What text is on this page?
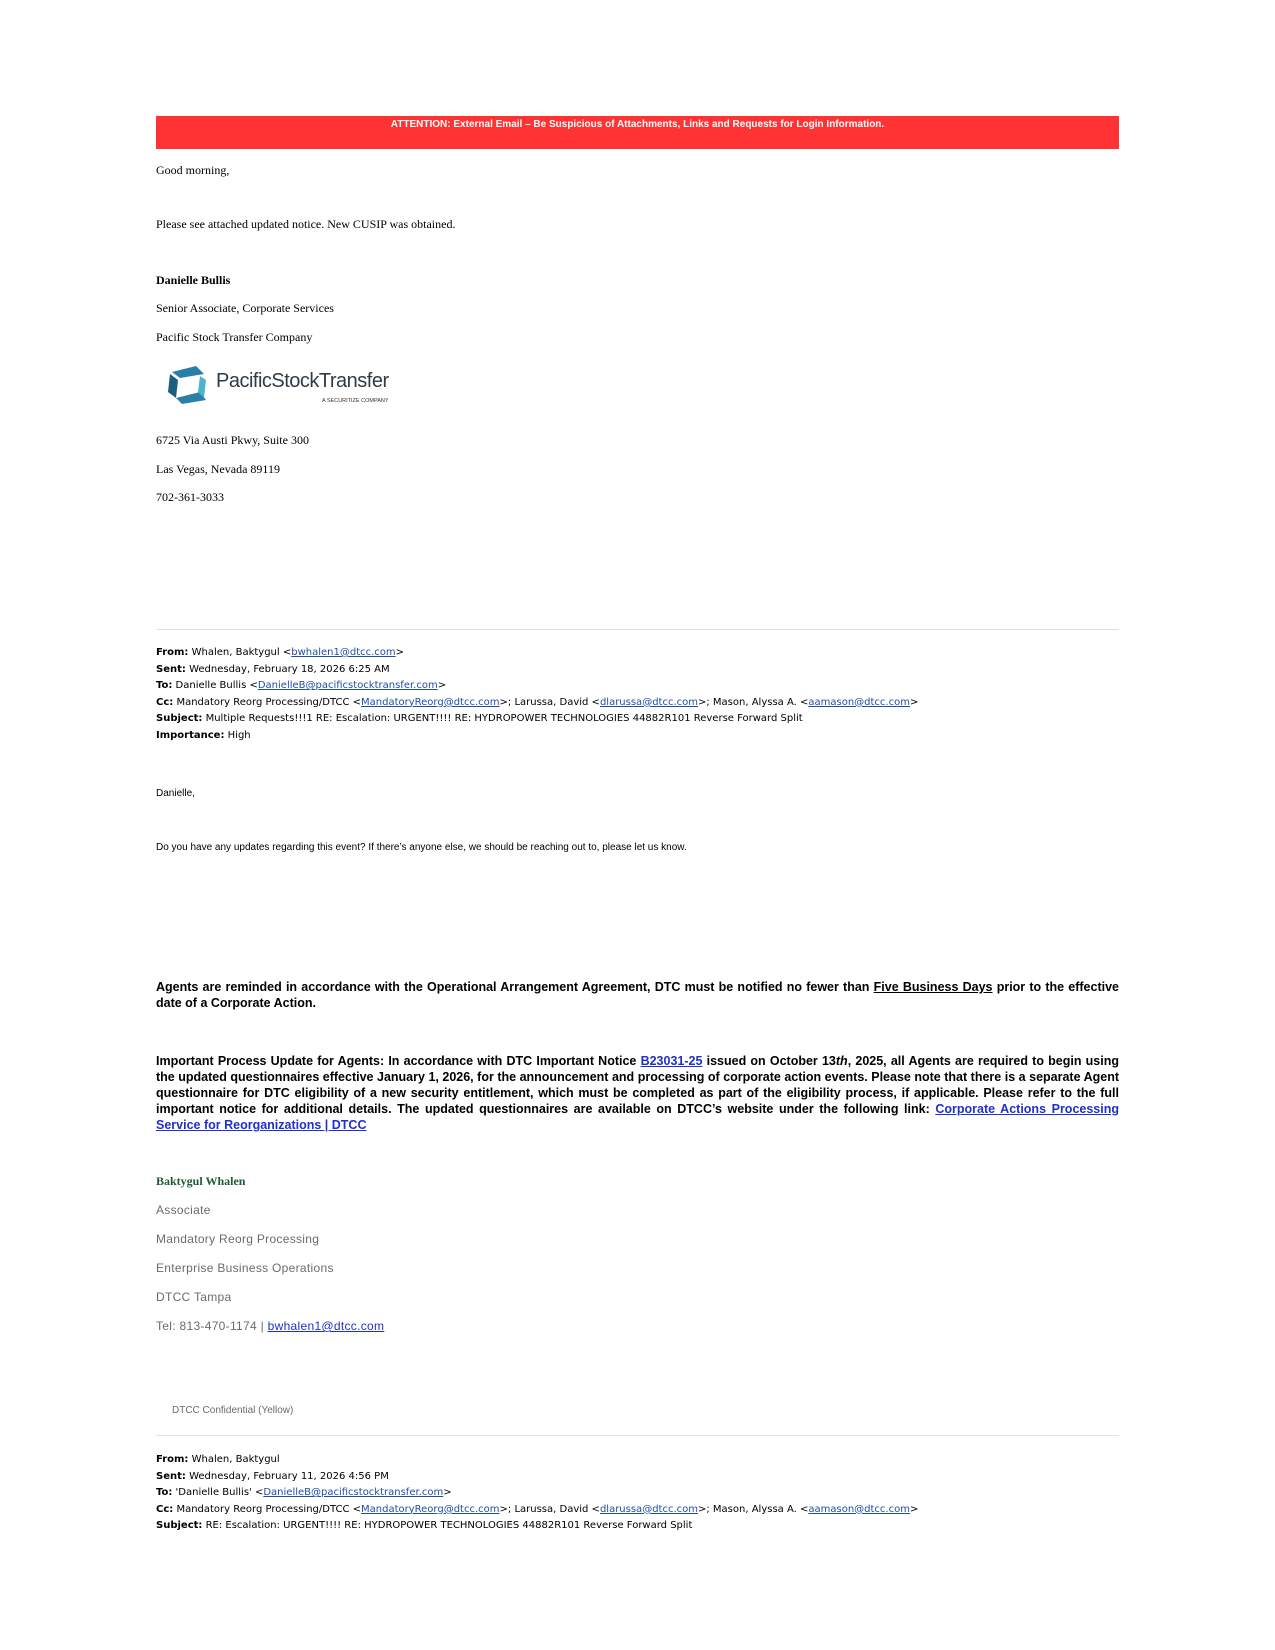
ATTENTION: External Email – Be Suspicious of Attachments, Links and Requests for Login Information.
Good morning,
Please see attached updated notice. New CUSIP was obtained.
Danielle Bullis
Senior Associate, Corporate Services
Pacific Stock Transfer Company
PacificStockTransfer
A SECURITIZE COMPANY
6725 Via Austi Pkwy, Suite 300
Las Vegas, Nevada 89119
702-361-3033
From: Whalen, Baktygul <bwhalen1@dtcc.com>
Sent: Wednesday, February 18, 2026 6:25 AM
To: Danielle Bullis <DanielleB@pacificstocktransfer.com>
Cc: Mandatory Reorg Processing/DTCC <MandatoryReorg@dtcc.com>; Larussa, David <dlarussa@dtcc.com>; Mason, Alyssa A. <aamason@dtcc.com>
Subject: Multiple Requests!!!1 RE: Escalation: URGENT!!!! RE: HYDROPOWER TECHNOLOGIES 44882R101 Reverse Forward Split
Importance: High
Danielle,
Do you have any updates regarding this event? If there’s anyone else, we should be reaching out to, please let us know.
Agents are reminded in accordance with the Operational Arrangement Agreement, DTC must be notified no fewer than Five Business Days prior to the effective date of a Corporate Action.
Important Process Update for Agents: In accordance with DTC Important Notice B23031-25 issued on October 13th, 2025, all Agents are required to begin using the updated questionnaires effective January 1, 2026, for the announcement and processing of corporate action events. Please note that there is a separate Agent questionnaire for DTC eligibility of a new security entitlement, which must be completed as part of the eligibility process, if applicable. Please refer to the full important notice for additional details. The updated questionnaires are available on DTCC’s website under the following link: Corporate Actions Processing Service for Reorganizations | DTCC
Baktygul Whalen
Associate
Mandatory Reorg Processing
Enterprise Business Operations
DTCC Tampa
Tel: 813-470-1174 | bwhalen1@dtcc.com
DTCC Confidential (Yellow)
From: Whalen, Baktygul
Sent: Wednesday, February 11, 2026 4:56 PM
To: 'Danielle Bullis' <DanielleB@pacificstocktransfer.com>
Cc: Mandatory Reorg Processing/DTCC <MandatoryReorg@dtcc.com>; Larussa, David <dlarussa@dtcc.com>; Mason, Alyssa A. <aamason@dtcc.com>
Subject: RE: Escalation: URGENT!!!! RE: HYDROPOWER TECHNOLOGIES 44882R101 Reverse Forward Split
